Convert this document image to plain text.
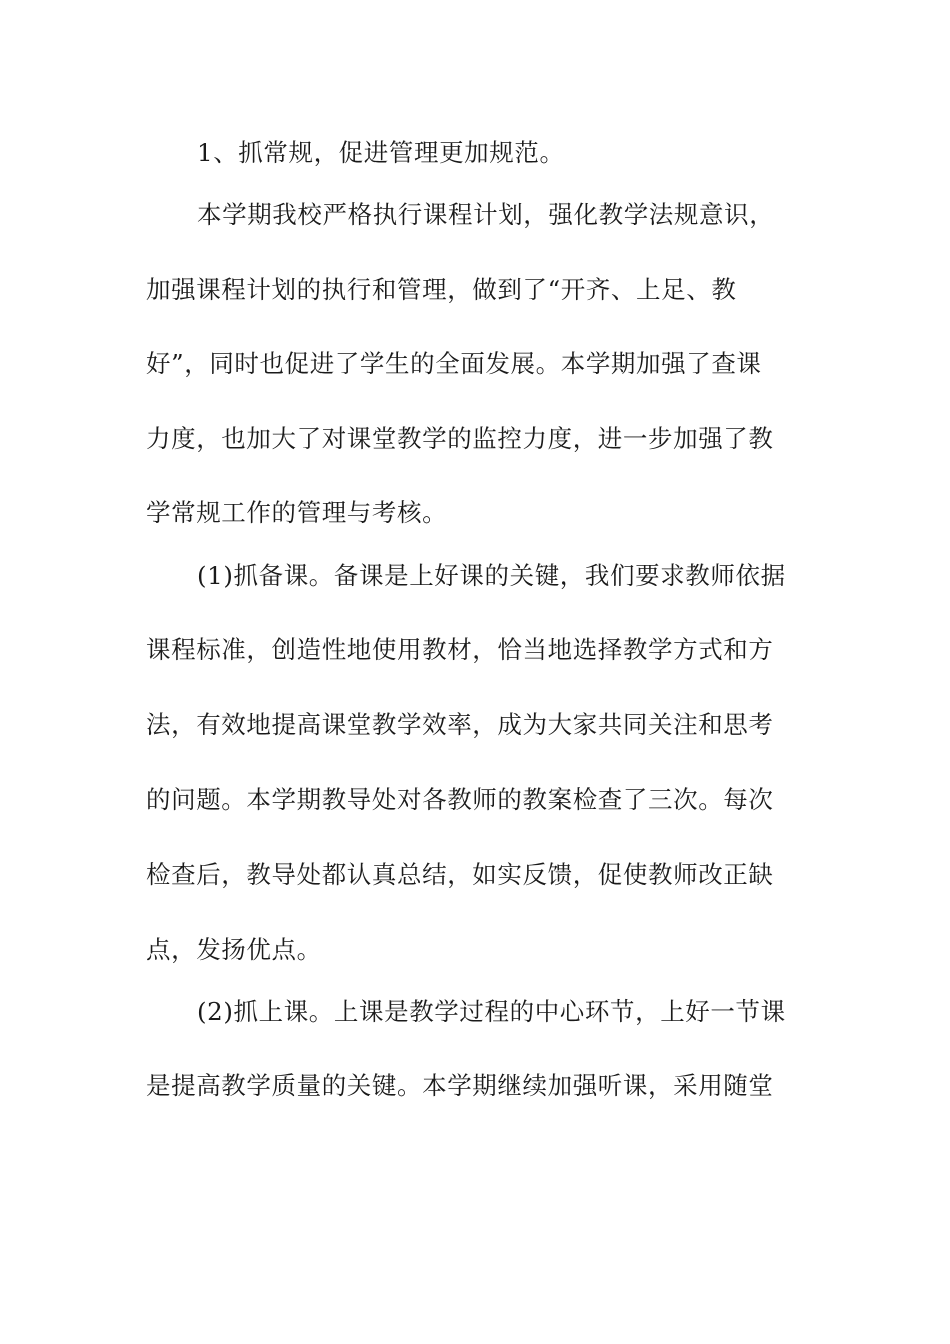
1、抓常规，促进管理更加规范。
本学期我校严格执行课程计划，强化教学法规意识，
加强课程计划的执行和管理，做到了“开齐、上足、教
好”，同时也促进了学生的全面发展。本学期加强了查课
力度，也加大了对课堂教学的监控力度，进一步加强了教
学常规工作的管理与考核。
(1)抓备课。备课是上好课的关键，我们要求教师依据
课程标准，创造性地使用教材，恰当地选择教学方式和方
法，有效地提高课堂教学效率，成为大家共同关注和思考
的问题。本学期教导处对各教师的教案检查了三次。每次
检查后，教导处都认真总结，如实反馈，促使教师改正缺
点，发扬优点。
(2)抓上课。上课是教学过程的中心环节，上好一节课
是提高教学质量的关键。本学期继续加强听课，采用随堂
